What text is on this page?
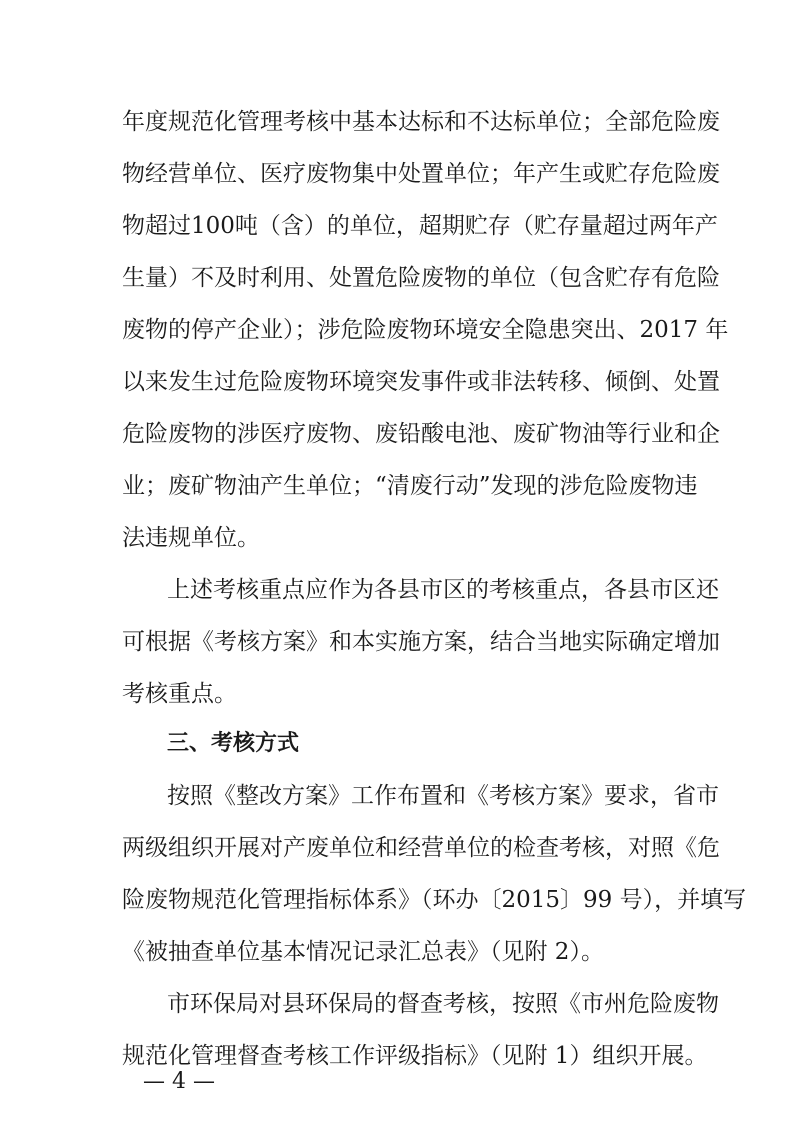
年度规范化管理考核中基本达标和不达标单位；全部危险废
物经营单位、医疗废物集中处置单位；年产生或贮存危险废
物超过100吨（含）的单位，超期贮存（贮存量超过两年产
生量）不及时利用、处置危险废物的单位（包含贮存有危险
废物的停产企业）；涉危险废物环境安全隐患突出、2017 年
以来发生过危险废物环境突发事件或非法转移、倾倒、处置
危险废物的涉医疗废物、废铅酸电池、废矿物油等行业和企
业；废矿物油产生单位；“清废行动”发现的涉危险废物违
法违规单位。
上述考核重点应作为各县市区的考核重点，各县市区还
可根据《考核方案》和本实施方案，结合当地实际确定增加
考核重点。
三、考核方式
按照《整改方案》工作布置和《考核方案》要求，省市
两级组织开展对产废单位和经营单位的检查考核，对照《危
险废物规范化管理指标体系》（环办〔2015〕99 号），并填写
《被抽查单位基本情况记录汇总表》（见附 2）。
市环保局对县环保局的督查考核，按照《市州危险废物
规范化管理督查考核工作评级指标》（见附 1）组织开展。
— 4 —
